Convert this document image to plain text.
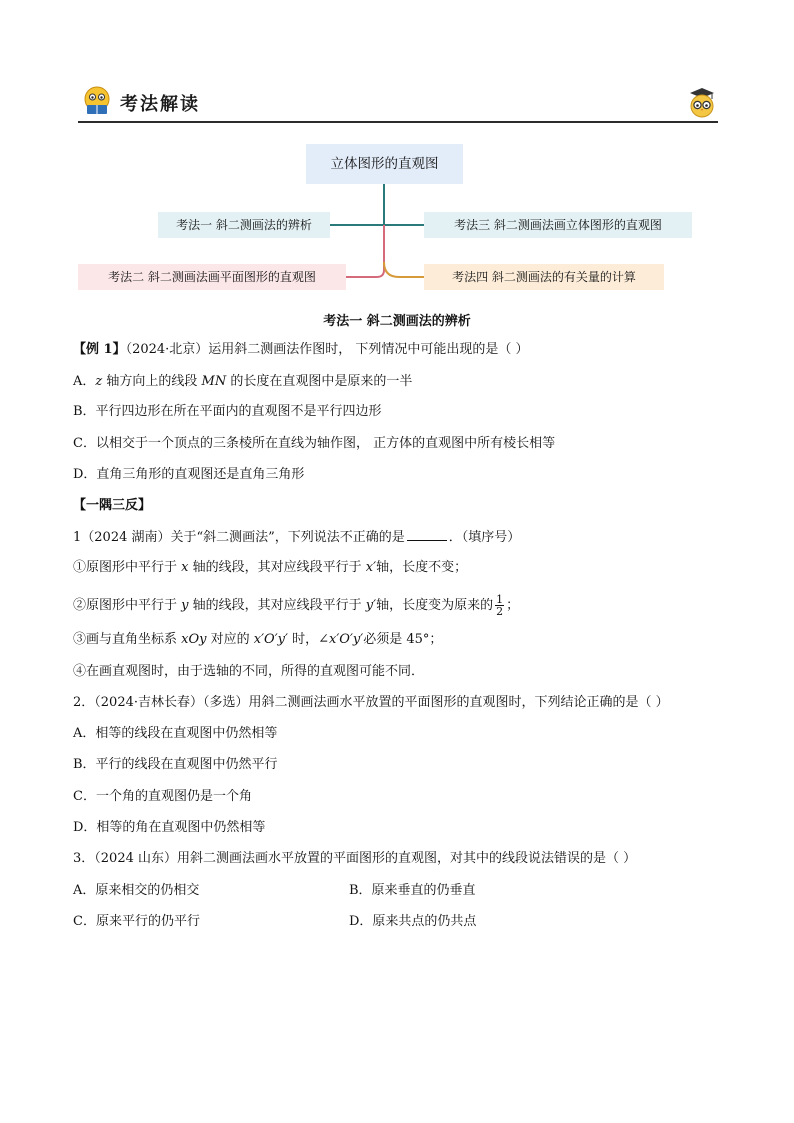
考法解读
立体图形的直观图
考法一 斜二测画法的辨析	考法三 斜二测画法画立体图形的直观图
考法二 斜二测画法画平面图形的直观图	考法四 斜二测画法的有关量的计算
考法一 斜二测画法的辨析
【例 1】（2024·北京）运用斜二测画法作图时， 下列情况中可能出现的是（ ）
A．z 轴方向上的线段 MN 的长度在直观图中是原来的一半
B．平行四边形在所在平面内的直观图不是平行四边形
C．以相交于一个顶点的三条棱所在直线为轴作图， 正方体的直观图中所有棱长相等
D．直角三角形的直观图还是直角三角形
【一隅三反】
1（2024 湖南）关于“斜二测画法”，下列说法不正确的是	．（填序号）
①原图形中平行于 x 轴的线段，其对应线段平行于 x′轴，长度不变；
②原图形中平行于 y 轴的线段，其对应线段平行于 y′轴，长度变为原来的 $\frac{1}{2}$ ；
③画与直角坐标系 xOy 对应的 x′O′y′ 时，∠x′O′y′必须是 45°；
④在画直观图时，由于选轴的不同，所得的直观图可能不同．
2．（2024·吉林长春）（多选）用斜二测画法画水平放置的平面图形的直观图时，下列结论正确的是（ ）
A．相等的线段在直观图中仍然相等
B．平行的线段在直观图中仍然平行
C．一个角的直观图仍是一个角
D．相等的角在直观图中仍然相等
3．（2024 山东）用斜二测画法画水平放置的平面图形的直观图，对其中的线段说法错误的是（ ）
A．原来相交的仍相交	B．原来垂直的仍垂直
C．原来平行的仍平行	D．原来共点的仍共点
